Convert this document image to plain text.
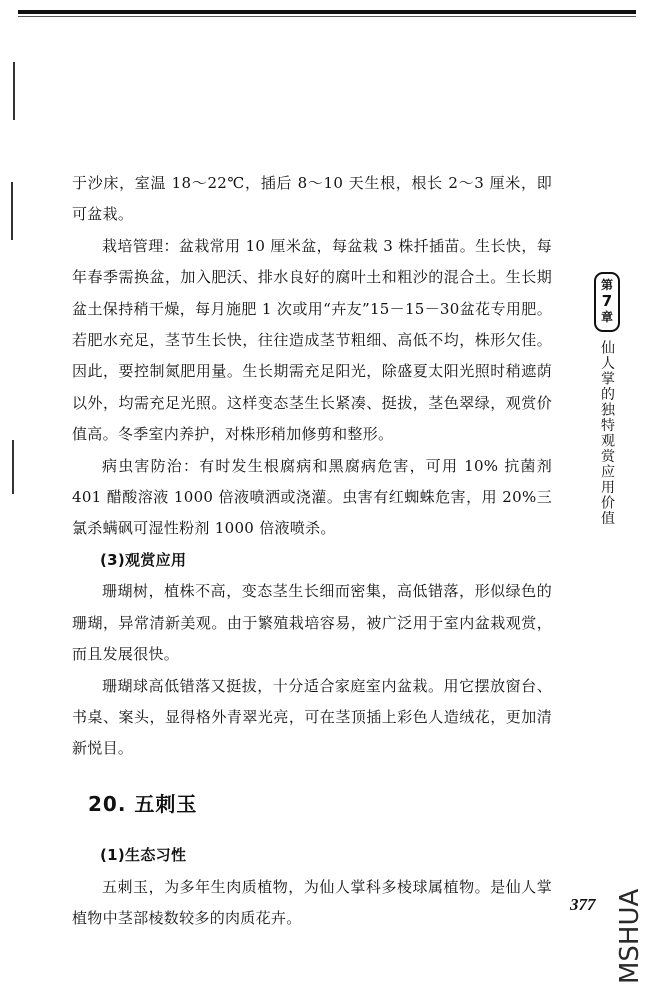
于沙床，室温 18～22℃，插后 8～10 天生根，根长 2～3 厘米，即可盆栽。

栽培管理：盆栽常用 10 厘米盆，每盆栽 3 株扦插苗。生长快，每年春季需换盆，加入肥沃、排水良好的腐叶土和粗沙的混合土。生长期盆土保持稍干燥，每月施肥 1 次或用“卉友”15－15－30盆花专用肥。若肥水充足，茎节生长快，往往造成茎节粗细、高低不均，株形欠佳。因此，要控制氮肥用量。生长期需充足阳光，除盛夏太阳光照时稍遮荫以外，均需充足光照。这样变态茎生长紧凑、挺拔，茎色翠绿，观赏价值高。冬季室内养护，对株形稍加修剪和整形。

病虫害防治：有时发生根腐病和黑腐病危害，可用 10% 抗菌剂 401 醋酸溶液 1000 倍液喷洒或浇灌。虫害有红蜘蛛危害，用 20%三氯杀螨砜可湿性粉剂 1000 倍液喷杀。

(3)观赏应用

珊瑚树，植株不高，变态茎生长细而密集，高低错落，形似绿色的珊瑚，异常清新美观。由于繁殖栽培容易，被广泛用于室内盆栽观赏，而且发展很快。

珊瑚球高低错落又挺拔，十分适合家庭室内盆栽。用它摆放窗台、书桌、案头，显得格外青翠光亮，可在茎顶插上彩色人造绒花，更加清新悦目。

20. 五刺玉
(1)生态习性

五刺玉，为多年生肉质植物，为仙人掌科多棱球属植物。是仙人掌植物中茎部棱数较多的肉质花卉。

第
7
章
仙人掌的独特观赏应用价值
377 MSHUA
